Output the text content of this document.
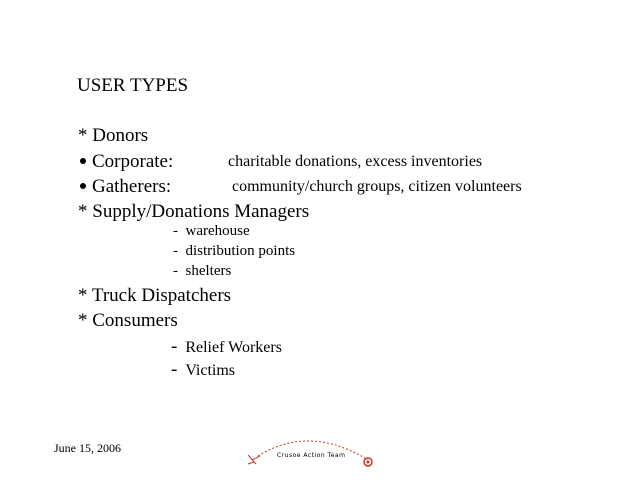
USER TYPES
* Donors
Corporate:	charitable donations, excess inventories
Gatherers:	community/church groups, citizen volunteers
* Supply/Donations Managers
-  warehouse
-  distribution points
-  shelters
* Truck Dispatchers
* Consumers
- Relief Workers
- Victims
June 15, 2006
Crusoe Action Team
